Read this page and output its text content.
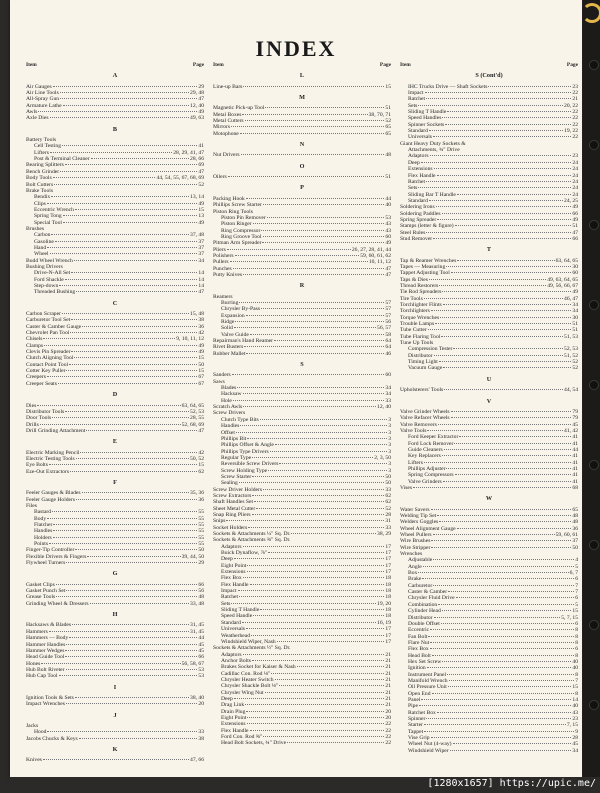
INDEX
Item	Page
A
Air Gauges	29
Air Line Tools	29, 48
All-Spray Gun	47
Armature Lathe	12, 40
Awls	49
Axle Dies	49, 63
B
Battery Tools
Cell Testing	41
Lifters	28, 29, 41, 47
Post & Terminal Cleaner	28, 66
Bearing Splitters	69
Bench Grinder	47
Body Tools	44, 54, 55, 67, 68, 69
Bolt Cutters	52
Brake Tools
Bendix	13, 14
Clips	49
Eccentric Wrench	15
Spring Tong	13
Special Tool	49
Brushes
Carbon	37, 48
Gasoline	37
Hand	37
Wheel	37
Budd Wheel Wrench	34
Bushing Drivers
Drive-N-All Set	14
Ford Shackle	14
Step-down	14
Threaded Bushing	47
C
Carbon Scraper	15, 48
Carburetor Tool Set	38
Caster & Camber Gauge	36
Chevrolet Pan Tool	42
Chisels	9, 10, 11, 12
Clamps	49
Clevis Pin Spreader	49
Clutch Aligning Tool	15
Contact Point Tool	50
Cotter Key Puller	15
Creepers	67
Creeper Seats	67
D
Dies	63, 64, 65
Distributor Tools	52, 53
Door Tools	28, 55
Drills	52, 68, 69
Drill Grinding Attachment	47
E
Electric Marking Pencil	42
Electric Testing Tools	50, 52
Eye Bolts	15
Eze-Out Extractors	62
F
Feeler Gauges & Blades	35, 36
Feeler Gauge Holders	36
Files
Bastard	55
Body	55
Flatcher	55
Handles	55
Holders	55
Points	55
Finger-Tip Controller	50
Flexible Drivers & Fingers	39, 44, 50
Flywheel Turners	29
G
Gasket Clips	66
Gasket Punch Set	56
Grease Tools	48
Grinding Wheel & Dressers	33, 48
H
Hacksaws & Blades	31, 45
Hammers	31, 45
Hammers — Body	44
Hammer Handles	45
Hammer Wedges	45
Head Guide Tool	66
Hones	56, 58, 67
Hub Bolt Riveter	53
Hub Cap Tool	53
I
Ignition Tools & Sets	38, 40
Impact Wrenches	20
J
Jacks
Hood	33
Jacobs Chucks & Keys	38
K
Knives	47, 66
Item	Page
L
Line-up Bars	15
M
Magnetic Pick-up Tool	51
Metal Boxes	38, 70, 71
Metal Cutters	52
Mirrors	65
Motophone	65
N
Nut Drivers	48
O
Oilers	51
P
Packing Hook	44
Phillips Screw Starter	40
Piston Ring Tools
Piston Pin Remover	53
Piston Ringer	43
Ring Compressor	43
Ring Groove Tool	60
Pitman Arm Spreader	49
Pliers	26, 27, 28, 41, 44
Polishers	59, 60, 61, 62
Pullers	10, 11, 12
Punches	47
Putty Knives	47
R
Reamers
Burring	57
Chrysler By-Pass	57
Expansion	57
Ridge	56
Solid	56, 57
Valve Guide	58
Repairman's Hand Reamer	64
Rivet Busters	64
Rubber Mallet	46
S
Sanders	60
Saws
Blades	34
Hacksaw	34
Hole	33
Scratch Awls	12, 40
Screw Drivers
Clutch Type Bits	3
Handles	3
Offset	3
Phillips Bit	3
Phillips Offset & Angle	3
Phillips Type Drivers	3
Regular Type	2, 3, 50
Reversible Screw Drivers	3
Screw Holding Type	3
Screw Starter	50
Sealing	50
Screw Driver Holders	33
Screw Extractors	62
Shaft Handles Set	62
Sheet Metal Cutter	52
Snap Ring Pliers	28
Snips	31
Socket Holders	33
Sockets & Attachments ¼" Sq. Dr.	38, 29
Sockets & Attachments ⅜" Sq. Dr.
Adaptors	17
Buick Dynaflow, ⅞"	17
Deep	17
Eight Point	17
Extensions	17
Flex Box	18
Flex Handle	18
Impact	18
Ratchet	18
Sets	19, 20
Sliding T Handle	18
Speed Handle	18
Standard	16, 19
Universals	17
Weatherhead	17
Windshield Wiper, Nash	17
Sockets & Attachments ½" Sq. Dr.
Adaptors	21
Anchor Bolts	21
Brakes Socket for Kaiser & Nash	21
Cadillac Con. Rod ⅛"	21
Chrysler Heater Switch	21
Chrysler Shackle Bolt ⅛"	21
Chrysler Wing Nut	21
Deep	21
Drag Link	21
Drain Plug	20
Eight Point	20
Extensions	22
Flex Handle	22
Ford Con. Rod ⅝"	22
Head Bolt Sockets, ¾" Drive	22
Item	Page
S (Cont'd)
IHC Trucks Drive — Shaft Sockets	23
Impact	22
Ratchet	21
Sets	20, 22
Sliding T Handle	22
Speed Handles	22
Spinner Sockets	22
Standard	19, 22
Universals	22
Giant Heavy Duty Sockets &
Attachments, ¾" Drive
Adaptors	23
Deep	24
Extensions	24
Flex Handle	24
Ratchet	24
Sets	24
Sliding Bar T Handle	24
Standard	24, 25
Soldering Irons	49
Soldering Paddles	66
Spring Spreader	49
Stamps (letter & figure)	51
Steel Rules	47
Stud Remover	66
T
Tap & Reamer Wrenches	63, 64, 65
Tapes — Measuring	30
Tappet Adjusting Tool	60
Taps & Dies	49, 63, 64, 65
Thread Restorers	49, 56, 66, 67
Tie Rod Spreaders	49
Tire Tools	46, 47
Torchlighter Flints	34
Torchlighters	34
Torque Wrenches	30
Trouble Lamps	51
Tube Cutter	51
Tube Flaring Tool	51, 53
Tune Up Tools
Compression Tester	52, 53
Distributor	51, 52
Timing Light	52
Vacuum Gauge	52
U
Upholsterers' Tools	44, 54
V
Valve Grinder Wheels	79
Valve Refacer Wheels	79
Valve Removers	45
Valve Tools	41, 42
Ford Keeper Extractor	41
Ford Lock Remover	41
Guide Cleaners	44
Key Replacers	41
Lifters	41
Phillips Adjuster	41
Spring Compressors	41
Valve Grinders	41
Vises	68
W
Water Savers	65
Welding Tip Set	48
Welders Goggles	48
Wheel Alignment Gauge	36
Wheel Pullers	59, 60, 61
Wire Brushes	37
Wire Stripper	50
Wrenches
Adjustable	4
Angle	5
Box	6, 7
Brake	6
Carburetor	7
Caster & Camber	7
Chrysler Fluid Drive	6
Combination	5
Cylinder Head	15
Distributor	5, 7, 15
Double Offset	6
Eccentric	8
Fan Bolt	8
Flare Nut	8
Flex Box	6
Head Bolt	8
Hex Set Screw	40
Ignition	40
Instrument Panel	8
Manifold Wrench	7
Oil Pressure Unit	15
Open End	8
Panel	14
Pipe	40
Ratchet Box	43
Spinner	23
Starter	7, 15
Tappet	9
Vise Grip	28
Wheel Nut (4-way)	45
Windshield Wiper	34
[1280x1657] https://upic.me/
